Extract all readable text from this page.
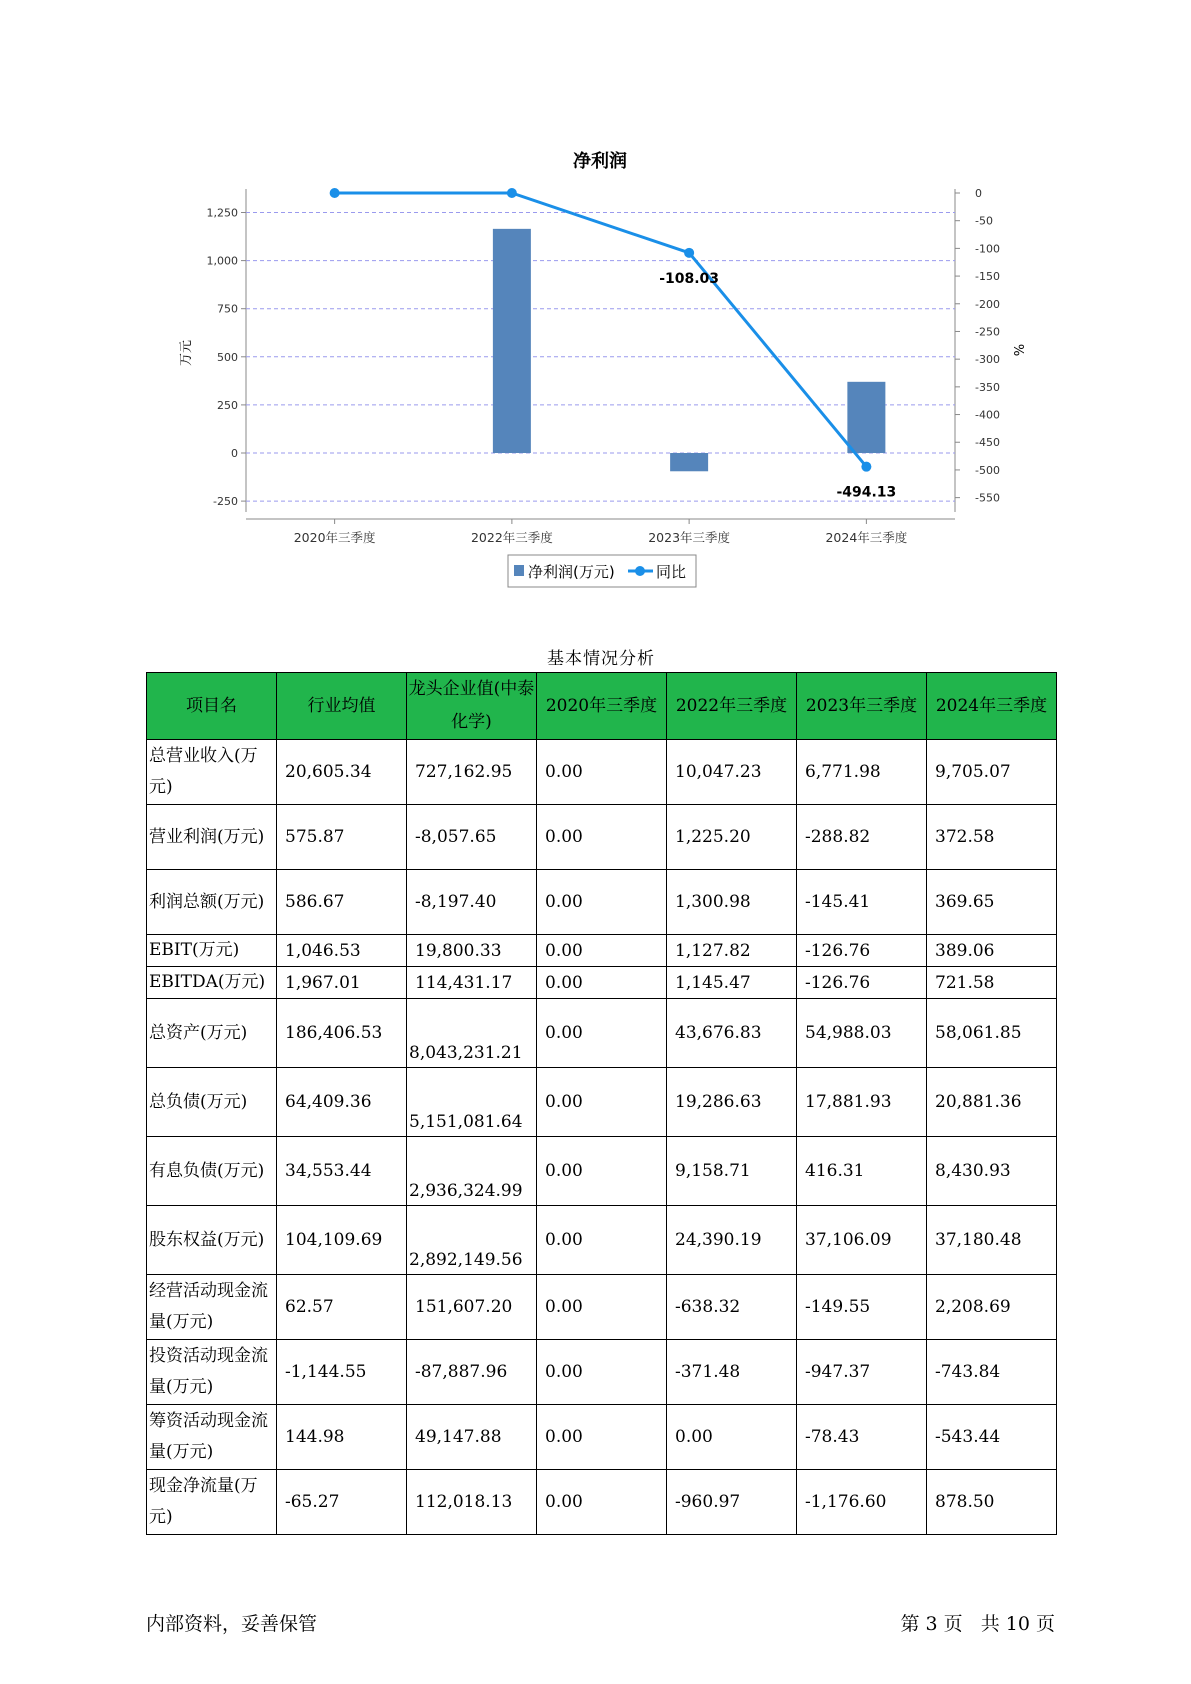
净利润
1,250
1,000
750
500
250
0
-250
0
-50
-100
-150
-200
-250
-300
-350
-400
-450
-500
-550
-108.03
-494.13
2020年三季度	2022年三季度	2023年三季度	2024年三季度
万元	%
净利润(万元)	同比
基本情况分析
项目名	行业均值	龙头企业值(中泰化学)	2020年三季度	2022年三季度	2023年三季度	2024年三季度
总营业收入(万元)	20,605.34	727,162.95	0.00	10,047.23	6,771.98	9,705.07
营业利润(万元)	575.87	-8,057.65	0.00	1,225.20	-288.82	372.58
利润总额(万元)	586.67	-8,197.40	0.00	1,300.98	-145.41	369.65
EBIT(万元)	1,046.53	19,800.33	0.00	1,127.82	-126.76	389.06
EBITDA(万元)	1,967.01	114,431.17	0.00	1,145.47	-126.76	721.58
总资产(万元)	186,406.53	8,043,231.21	0.00	43,676.83	54,988.03	58,061.85
总负债(万元)	64,409.36	5,151,081.64	0.00	19,286.63	17,881.93	20,881.36
有息负债(万元)	34,553.44	2,936,324.99	0.00	9,158.71	416.31	8,430.93
股东权益(万元)	104,109.69	2,892,149.56	0.00	24,390.19	37,106.09	37,180.48
经营活动现金流量(万元)	62.57	151,607.20	0.00	-638.32	-149.55	2,208.69
投资活动现金流量(万元)	-1,144.55	-87,887.96	0.00	-371.48	-947.37	-743.84
筹资活动现金流量(万元)	144.98	49,147.88	0.00	0.00	-78.43	-543.44
现金净流量(万元)	-65.27	112,018.13	0.00	-960.97	-1,176.60	878.50
内部资料，妥善保管	第 3 页   共 10 页
